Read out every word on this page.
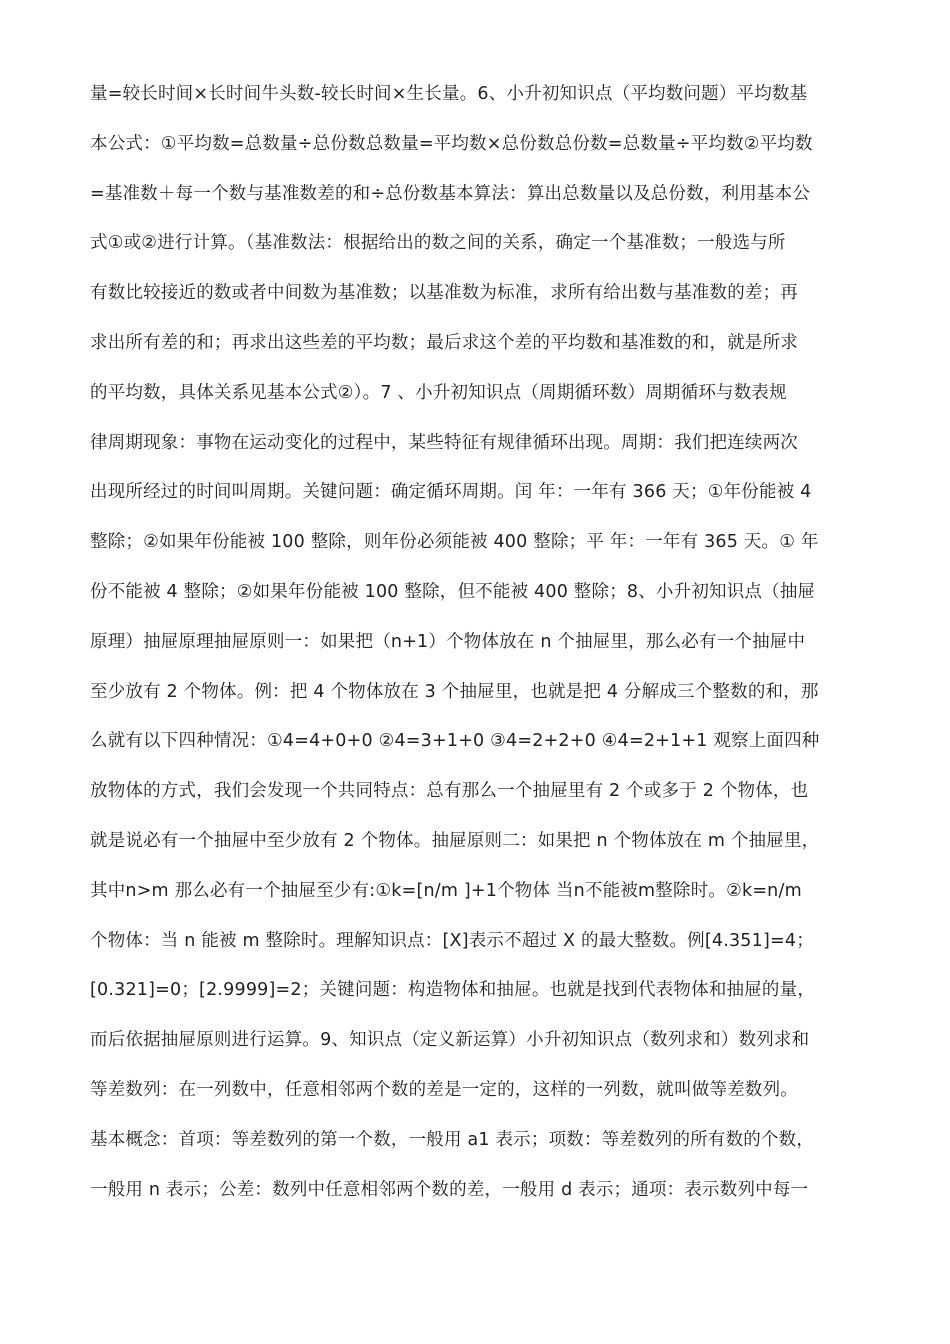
量=较长时间×长时间牛头数-较长时间×生长量。6、小升初知识点（平均数问题）平均数基
本公式：①平均数=总数量÷总份数总数量=平均数×总份数总份数=总数量÷平均数②平均数
=基准数＋每一个数与基准数差的和÷总份数基本算法：算出总数量以及总份数，利用基本公
式①或②进行计算。（基准数法：根据给出的数之间的关系，确定一个基准数；一般选与所
有数比较接近的数或者中间数为基准数；以基准数为标准，求所有给出数与基准数的差；再
求出所有差的和；再求出这些差的平均数；最后求这个差的平均数和基准数的和，就是所求
的平均数，具体关系见基本公式②）。7 、小升初知识点（周期循环数）周期循环与数表规
律周期现象：事物在运动变化的过程中，某些特征有规律循环出现。周期：我们把连续两次
出现所经过的时间叫周期。关键问题：确定循环周期。闰 年：一年有 366 天；①年份能被 4
整除；②如果年份能被 100 整除，则年份必须能被 400 整除；平 年：一年有 365 天。① 年
份不能被 4 整除；②如果年份能被 100 整除，但不能被 400 整除；8、小升初知识点（抽屉
原理）抽屉原理抽屉原则一：如果把（n+1）个物体放在 n 个抽屉里，那么必有一个抽屉中
至少放有 2 个物体。例：把 4 个物体放在 3 个抽屉里，也就是把 4 分解成三个整数的和，那
么就有以下四种情况：①4=4+0+0 ②4=3+1+0 ③4=2+2+0 ④4=2+1+1 观察上面四种
放物体的方式，我们会发现一个共同特点：总有那么一个抽屉里有 2 个或多于 2 个物体，也
就是说必有一个抽屉中至少放有 2 个物体。抽屉原则二：如果把 n 个物体放在 m 个抽屉里，
其中n>m 那么必有一个抽屉至少有:①k=[n/m ]+1个物体 当n不能被m整除时。②k=n/m
个物体：当 n 能被 m 整除时。理解知识点：[X]表示不超过 X 的最大整数。例[4.351]=4；
[0.321]=0；[2.9999]=2；关键问题：构造物体和抽屉。也就是找到代表物体和抽屉的量，
而后依据抽屉原则进行运算。9、知识点（定义新运算）小升初知识点（数列求和）数列求和
等差数列：在一列数中，任意相邻两个数的差是一定的，这样的一列数，就叫做等差数列。
基本概念：首项：等差数列的第一个数，一般用 a1 表示；项数：等差数列的所有数的个数，
一般用 n 表示；公差：数列中任意相邻两个数的差，一般用 d 表示；通项：表示数列中每一
